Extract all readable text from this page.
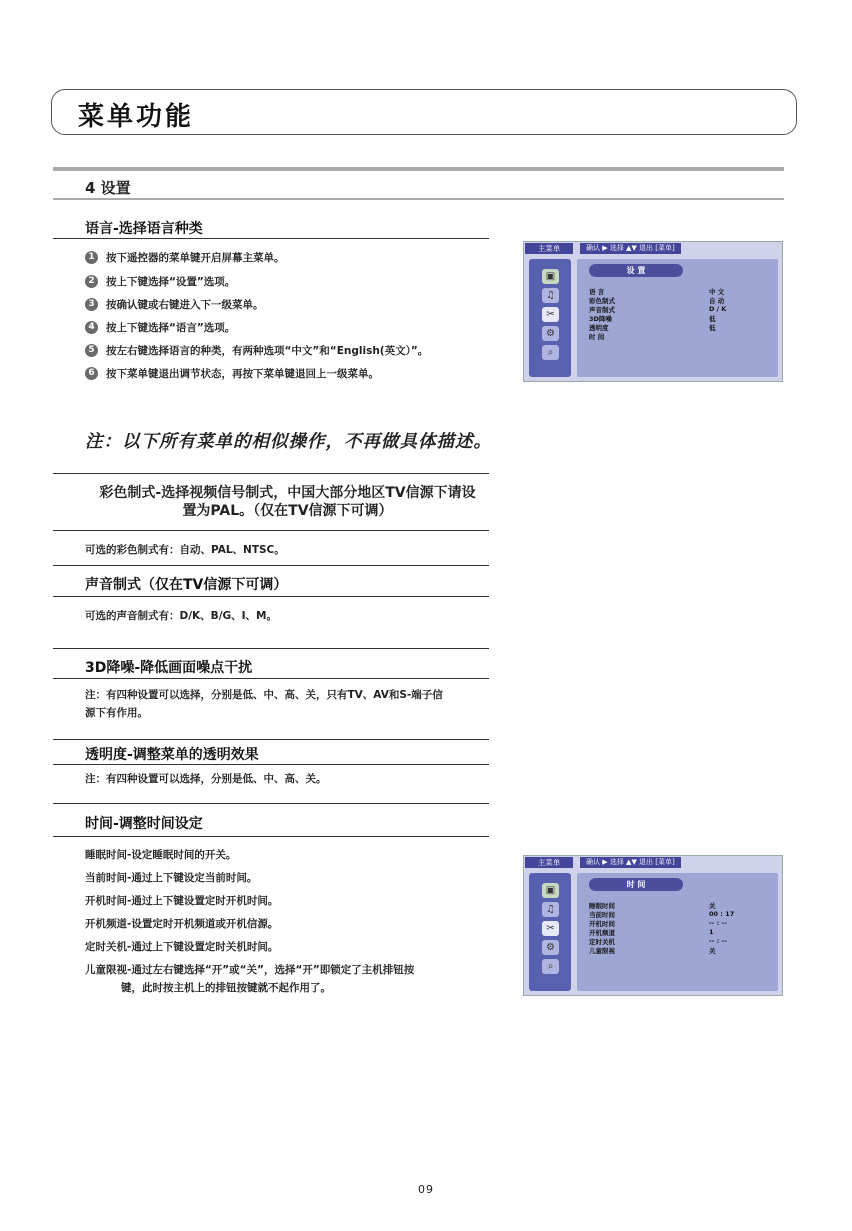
菜单功能
4 设置
语言-选择语言种类
1	按下遥控器的菜单键开启屏幕主菜单。
2	按上下键选择“设置”选项。
3	按确认键或右键进入下一级菜单。
4	按上下键选择“语言”选项。
5	按左右键选择语言的种类，有两种选项“中文”和“English(英文）”。
6	按下菜单键退出调节状态，再按下菜单键退回上一级菜单。
主菜单	确认 ▶ 选择 ▲▼ 退出 [菜单]
▣
♫
✂
⚙
⌕
设 置
语 言	中 文
彩色制式	自 动
声音制式	D / K
3D降噪	低
透明度	低
时 间
注：以下所有菜单的相似操作，不再做具体描述。
彩色制式-选择视频信号制式，中国大部分地区TV信源下请设
置为PAL。（仅在TV信源下可调）
可选的彩色制式有：自动、PAL、NTSC。
声音制式（仅在TV信源下可调）
可选的声音制式有：D/K、B/G、I、M。
3D降噪-降低画面噪点干扰
注：有四种设置可以选择，分别是低、中、高、关，只有TV、AV和S-端子信
源下有作用。
透明度-调整菜单的透明效果
注：有四种设置可以选择，分别是低、中、高、关。
时间-调整时间设定
睡眠时间-设定睡眠时间的开关。
当前时间-通过上下键设定当前时间。
开机时间-通过上下键设置定时开机时间。
开机频道-设置定时开机频道或开机信源。
定时关机-通过上下键设置定时关机时间。
儿童限视-通过左右键选择“开”或“关”，选择“开”即锁定了主机排钮按
键，此时按主机上的排钮按键就不起作用了。
主菜单	确认 ▶ 选择 ▲▼ 退出 [菜单]
▣
♫
✂
⚙
⌕
时 间
睡眠时间	关
当前时间	00 : 17
开机时间	-- : --
开机频道	1
定时关机	-- : --
儿童限视	关
09
